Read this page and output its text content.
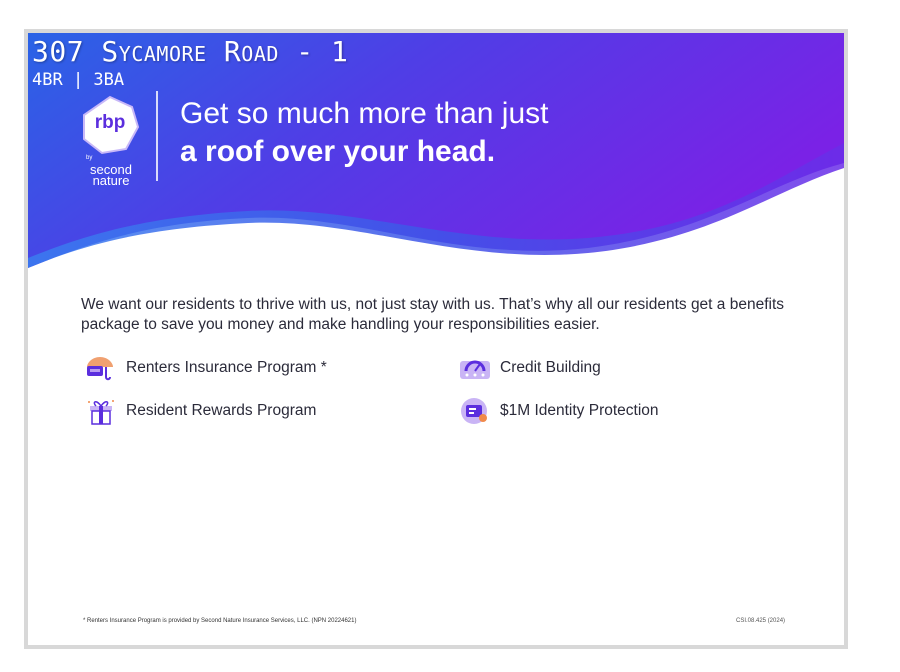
307 Sycamore Road - 1
4BR | 3BA
rbp
by
second nature
Get so much more than just
a roof over your head.
We want our residents to thrive with us, not just stay with us. That’s why all our residents get a benefits package to save you money and make handling your responsibilities easier.
Renters Insurance Program *	Credit Building
Resident Rewards Program	$1M Identity Protection
* Renters Insurance Program is provided by Second Nature Insurance Services, LLC. (NPN 20224621)	CSI.08.425 (2024)
